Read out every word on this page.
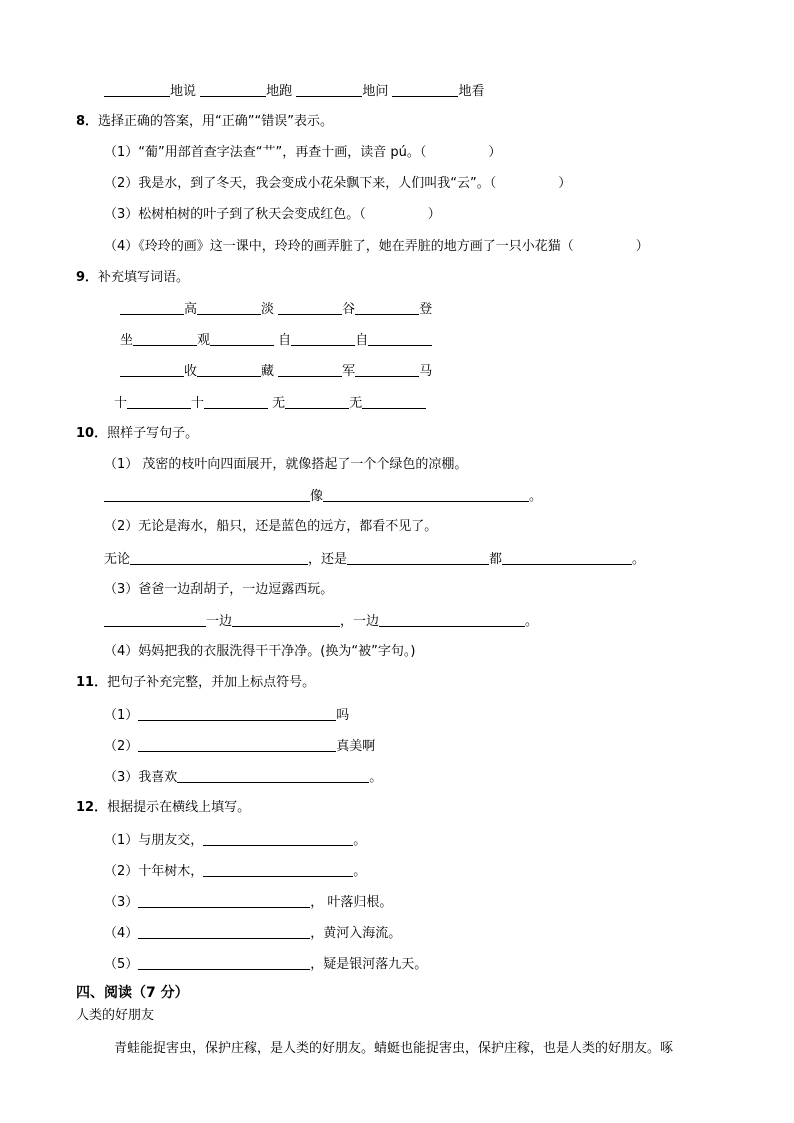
地说	地跑	地问	地看
8．选择正确的答案，用“正确”“错误”表示。
（1）“葡”用部首查字法查“艹”，再查十画，读音 pú。（	）
（2）我是水，到了冬天，我会变成小花朵飘下来，人们叫我“云”。（	）
（3）松树柏树的叶子到了秋天会变成红色。（	）
（4）《玲玲的画》这一课中，玲玲的画弄脏了，她在弄脏的地方画了一只小花猫（	）
9．补充填写词语。
高	淡	谷	登
坐	观	自	自
收	藏	军	马
十	十	无	无
10．照样子写句子。
（1） 茂密的枝叶向四面展开，就像搭起了一个个绿色的凉棚。
像	。
（2）无论是海水，船只，还是蓝色的远方，都看不见了。
无论	，还是	都	。
（3）爸爸一边刮胡子，一边逗露西玩。
一边	，一边	。
（4）妈妈把我的衣服洗得干干净净。(换为“被”字句。)
11．把句子补充完整，并加上标点符号。
（1）	吗
（2）	真美啊
（3）我喜欢	。
12．根据提示在横线上填写。
（1）与朋友交，	。
（2）十年树木，	。
（3）	， 叶落归根。
（4）	，黄河入海流。
（5）	，疑是银河落九天。
四、阅读（7 分）
人类的好朋友
青蛙能捉害虫，保护庄稼，是人类的好朋友。蜻蜓也能捉害虫，保护庄稼，也是人类的好朋友。啄
